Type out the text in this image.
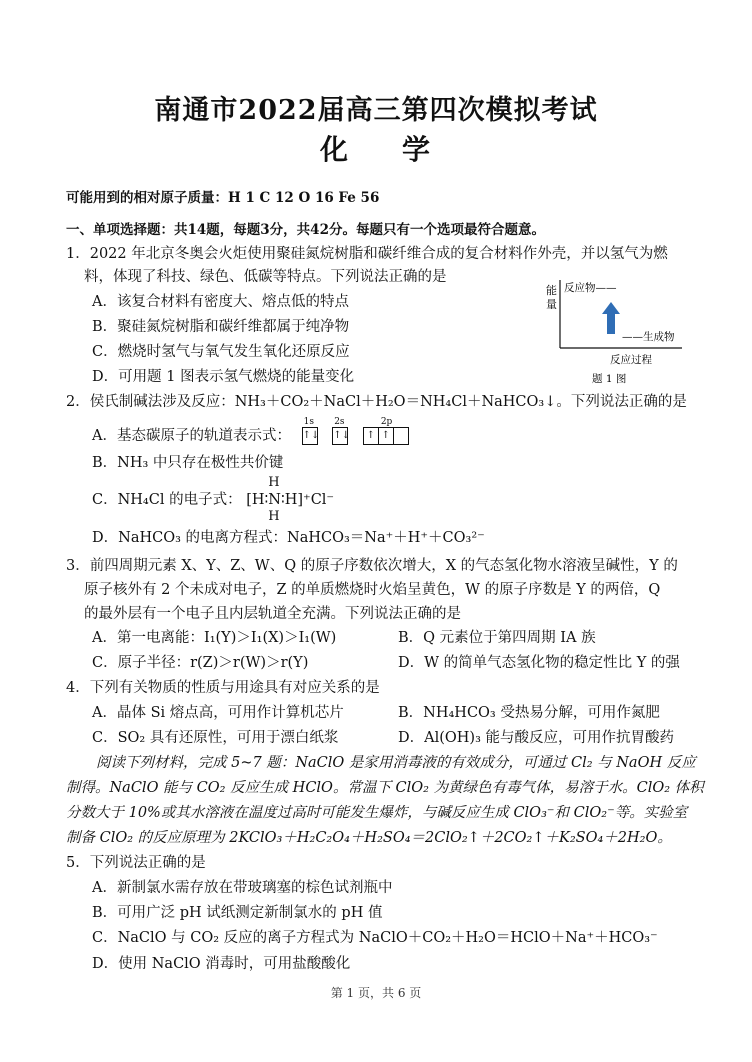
南通市2022届高三第四次模拟考试
化 学
可能用到的相对原子质量：H 1 C 12 O 16 Fe 56
一、单项选择题：共14题，每题3分，共42分。每题只有一个选项最符合题意。
1．2022 年北京冬奥会火炬使用聚硅氮烷树脂和碳纤维合成的复合材料作外壳，并以氢气为燃
料，体现了科技、绿色、低碳等特点。下列说法正确的是
A．该复合材料有密度大、熔点低的特点
B．聚硅氮烷树脂和碳纤维都属于纯净物
C．燃烧时氢气与氧气发生氧化还原反应
D．可用题 1 图表示氢气燃烧的能量变化
能
量
反应物——
——生成物
反应过程
题 1 图
2．侯氏制碱法涉及反应：NH₃＋CO₂＋NaCl＋H₂O＝NH₄Cl＋NaHCO₃↓。下列说法正确的是
A．基态碳原子的轨道表示式：
1s
↑↓
2s
↑↓
2p
↑ ↑
B．NH₃ 中只存在极性共价键
C．NH₄Cl 的电子式：
H
[H∶N∶H]⁺Cl⁻
H
D．NaHCO₃ 的电离方程式：NaHCO₃＝Na⁺＋H⁺＋CO₃²⁻
3．前四周期元素 X、Y、Z、W、Q 的原子序数依次增大，X 的气态氢化物水溶液呈碱性，Y 的
原子核外有 2 个未成对电子，Z 的单质燃烧时火焰呈黄色，W 的原子序数是 Y 的两倍，Q
的最外层有一个电子且内层轨道全充满。下列说法正确的是
A．第一电离能：I₁(Y)＞I₁(X)＞I₁(W)	B．Q 元素位于第四周期 IA 族
C．原子半径：r(Z)＞r(W)＞r(Y)	D．W 的简单气态氢化物的稳定性比 Y 的强
4．下列有关物质的性质与用途具有对应关系的是
A．晶体 Si 熔点高，可用作计算机芯片	B．NH₄HCO₃ 受热易分解，可用作氮肥
C．SO₂ 具有还原性，可用于漂白纸浆	D．Al(OH)₃ 能与酸反应，可用作抗胃酸药
阅读下列材料，完成 5~7 题：NaClO 是家用消毒液的有效成分，可通过 Cl₂ 与 NaOH 反应
制得。NaClO 能与 CO₂ 反应生成 HClO。常温下 ClO₂ 为黄绿色有毒气体，易溶于水。ClO₂ 体积
分数大于 10%或其水溶液在温度过高时可能发生爆炸，与碱反应生成 ClO₃⁻和 ClO₂⁻等。实验室
制备 ClO₂ 的反应原理为 2KClO₃＋H₂C₂O₄＋H₂SO₄＝2ClO₂↑＋2CO₂↑＋K₂SO₄＋2H₂O。
5．下列说法正确的是
A．新制氯水需存放在带玻璃塞的棕色试剂瓶中
B．可用广泛 pH 试纸测定新制氯水的 pH 值
C．NaClO 与 CO₂ 反应的离子方程式为 NaClO＋CO₂＋H₂O＝HClO＋Na⁺＋HCO₃⁻
D．使用 NaClO 消毒时，可用盐酸酸化
第 1 页，共 6 页
